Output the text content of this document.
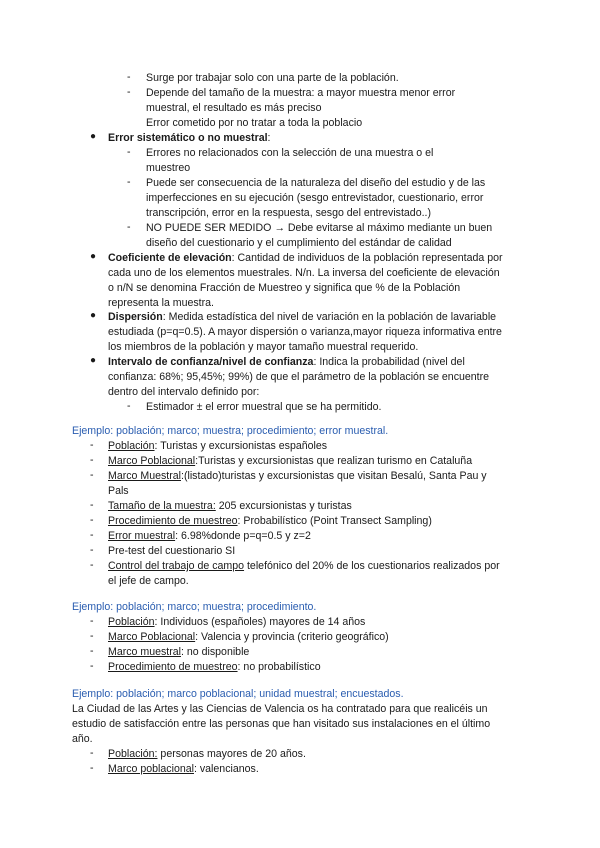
- Surge por trabajar solo con una parte de la población.
- Depende del tamaño de la muestra: a mayor muestra menor error
muestral, el resultado es más preciso
Error cometido por no tratar a toda la poblacio
● Error sistemático o no muestral:
- Errores no relacionados con la selección de una muestra o el
muestreo
- Puede ser consecuencia de la naturaleza del diseño del estudio y de las
imperfecciones en su ejecución (sesgo entrevistador, cuestionario, error
transcripción, error en la respuesta, sesgo del entrevistado..)
- NO PUEDE SER MEDIDO → Debe evitarse al máximo mediante un buen
diseño del cuestionario y el cumplimiento del estándar de calidad
● Coeficiente de elevación: Cantidad de individuos de la población representada por
cada uno de los elementos muestrales. N/n. La inversa del coeficiente de elevación
o n/N se denomina Fracción de Muestreo y significa que % de la Población
representa la muestra.
● Dispersión: Medida estadística del nivel de variación en la población de lavariable
estudiada (p=q=0.5). A mayor dispersión o varianza,mayor riqueza informativa entre
los miembros de la población y mayor tamaño muestral requerido.
● Intervalo de confianza/nivel de confianza: Indica la probabilidad (nivel del
confianza: 68%; 95,45%; 99%) de que el parámetro de la población se encuentre
dentro del intervalo definido por:
- Estimador ± el error muestral que se ha permitido.
Ejemplo: población; marco; muestra; procedimiento; error muestral.
- Población: Turistas y excursionistas españoles
- Marco Poblacional:Turistas y excursionistas que realizan turismo en Cataluña
- Marco Muestral:(listado)turistas y excursionistas que visitan Besalú, Santa Pau y
Pals
- Tamaño de la muestra: 205 excursionistas y turistas
- Procedimiento de muestreo: Probabilístico (Point Transect Sampling)
- Error muestral: 6.98%donde p=q=0.5 y z=2
- Pre-test del cuestionario SI
- Control del trabajo de campo telefónico del 20% de los cuestionarios realizados por
el jefe de campo.
Ejemplo: población; marco; muestra; procedimiento.
- Población: Individuos (españoles) mayores de 14 años
- Marco Poblacional: Valencia y provincia (criterio geográfico)
- Marco muestral: no disponible
- Procedimiento de muestreo: no probabilístico
Ejemplo: población; marco poblacional; unidad muestral; encuestados.
La Ciudad de las Artes y las Ciencias de Valencia os ha contratado para que realicéis un
estudio de satisfacción entre las personas que han visitado sus instalaciones en el último
año.
- Población: personas mayores de 20 años.
- Marco poblacional: valencianos.
